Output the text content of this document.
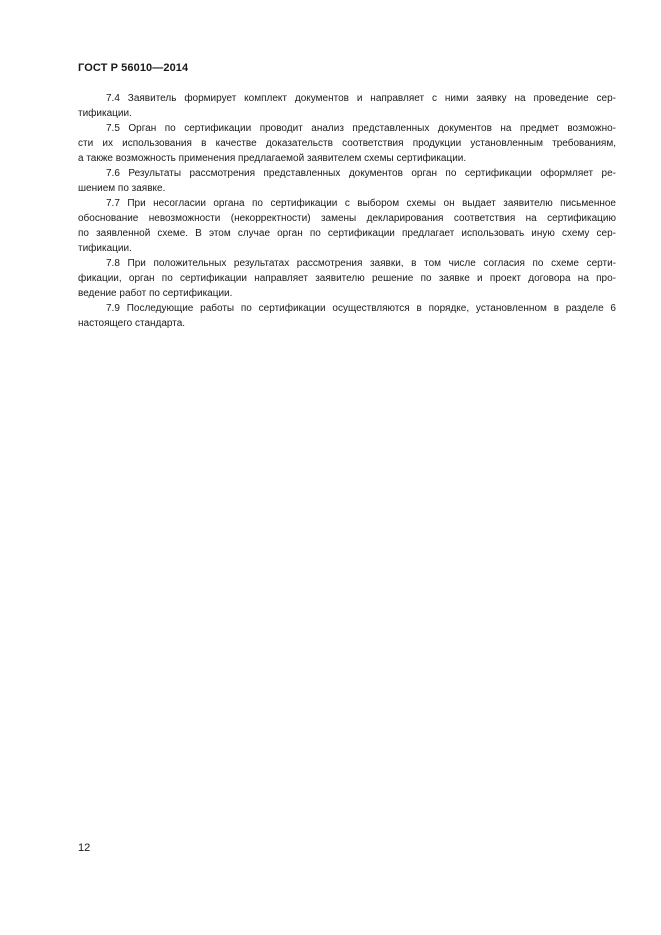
ГОСТ Р 56010—2014
7.4 Заявитель формирует комплект документов и направляет с ними заявку на проведение сер-
тификации.
7.5 Орган по сертификации проводит анализ представленных документов на предмет возможно-
сти их использования в качестве доказательств соответствия продукции установленным требованиям,
а также возможность применения предлагаемой заявителем схемы сертификации.
7.6 Результаты рассмотрения представленных документов орган по сертификации оформляет ре-
шением по заявке.
7.7 При несогласии органа по сертификации с выбором схемы он выдает заявителю письменное
обоснование невозможности (некорректности) замены декларирования соответствия на сертификацию
по заявленной схеме. В этом случае орган по сертификации предлагает использовать иную схему сер-
тификации.
7.8 При положительных результатах рассмотрения заявки, в том числе согласия по схеме серти-
фикации, орган по сертификации направляет заявителю решение по заявке и проект договора на про-
ведение работ по сертификации.
7.9 Последующие работы по сертификации осуществляются в порядке, установленном в разделе 6
настоящего стандарта.
12
